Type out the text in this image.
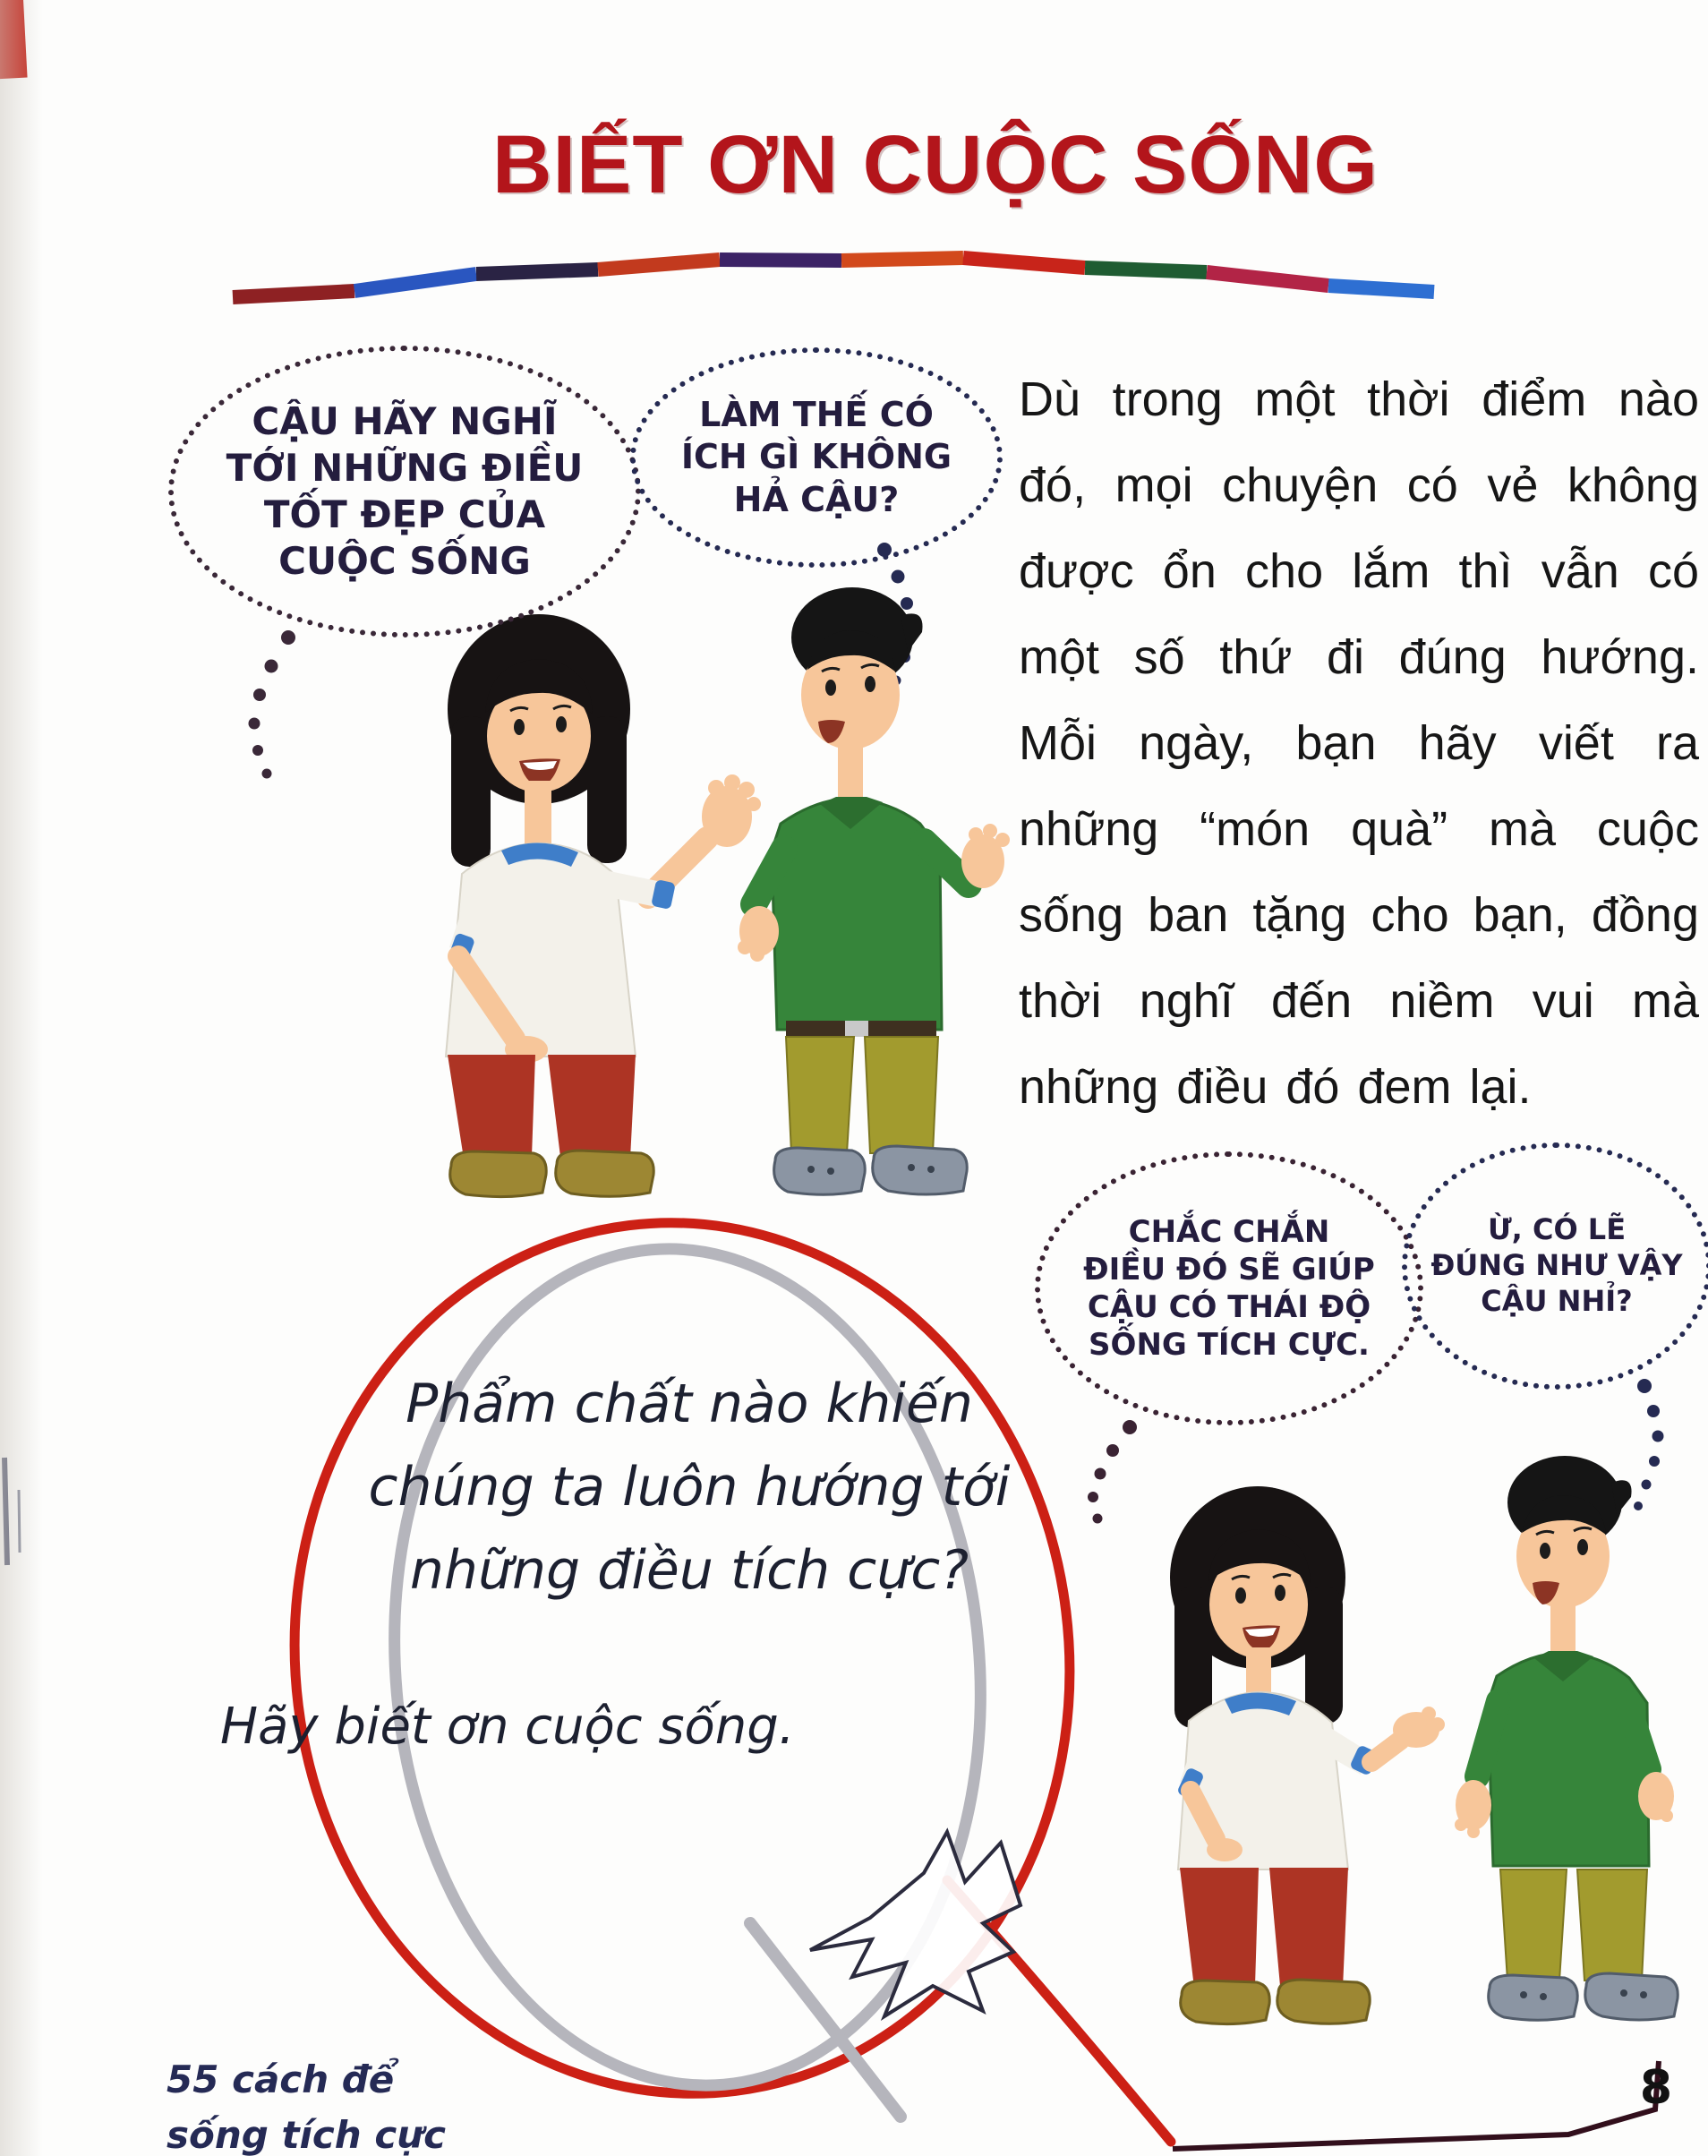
BIẾT ƠN CUỘC SỐNG
CẬU HÃY NGHĨ
TỚI NHỮNG ĐIỀU
TỐT ĐẸP CỦA
CUỘC SỐNG
LÀM THẾ CÓ
ÍCH GÌ KHÔNG
HẢ CẬU?
Dù trong một thời điểm nào đó, mọi chuyện có vẻ không được ổn cho lắm thì vẫn có một số thứ đi đúng hướng. Mỗi ngày, bạn hãy viết ra những “món quà” mà cuộc sống ban tặng cho bạn, đồng thời nghĩ đến niềm vui mà những điều đó đem lại.
CHẮC CHẮN
ĐIỀU ĐÓ SẼ GIÚP
CẬU CÓ THÁI ĐỘ
SỐNG TÍCH CỰC.
Ừ, CÓ LẼ
ĐÚNG NHƯ VẬY
CẬU NHỈ?
Phẩm chất nào khiến
chúng ta luôn hướng tới
những điều tích cực?
Hãy biết ơn cuộc sống.
55 cách để
sống tích cực
8
